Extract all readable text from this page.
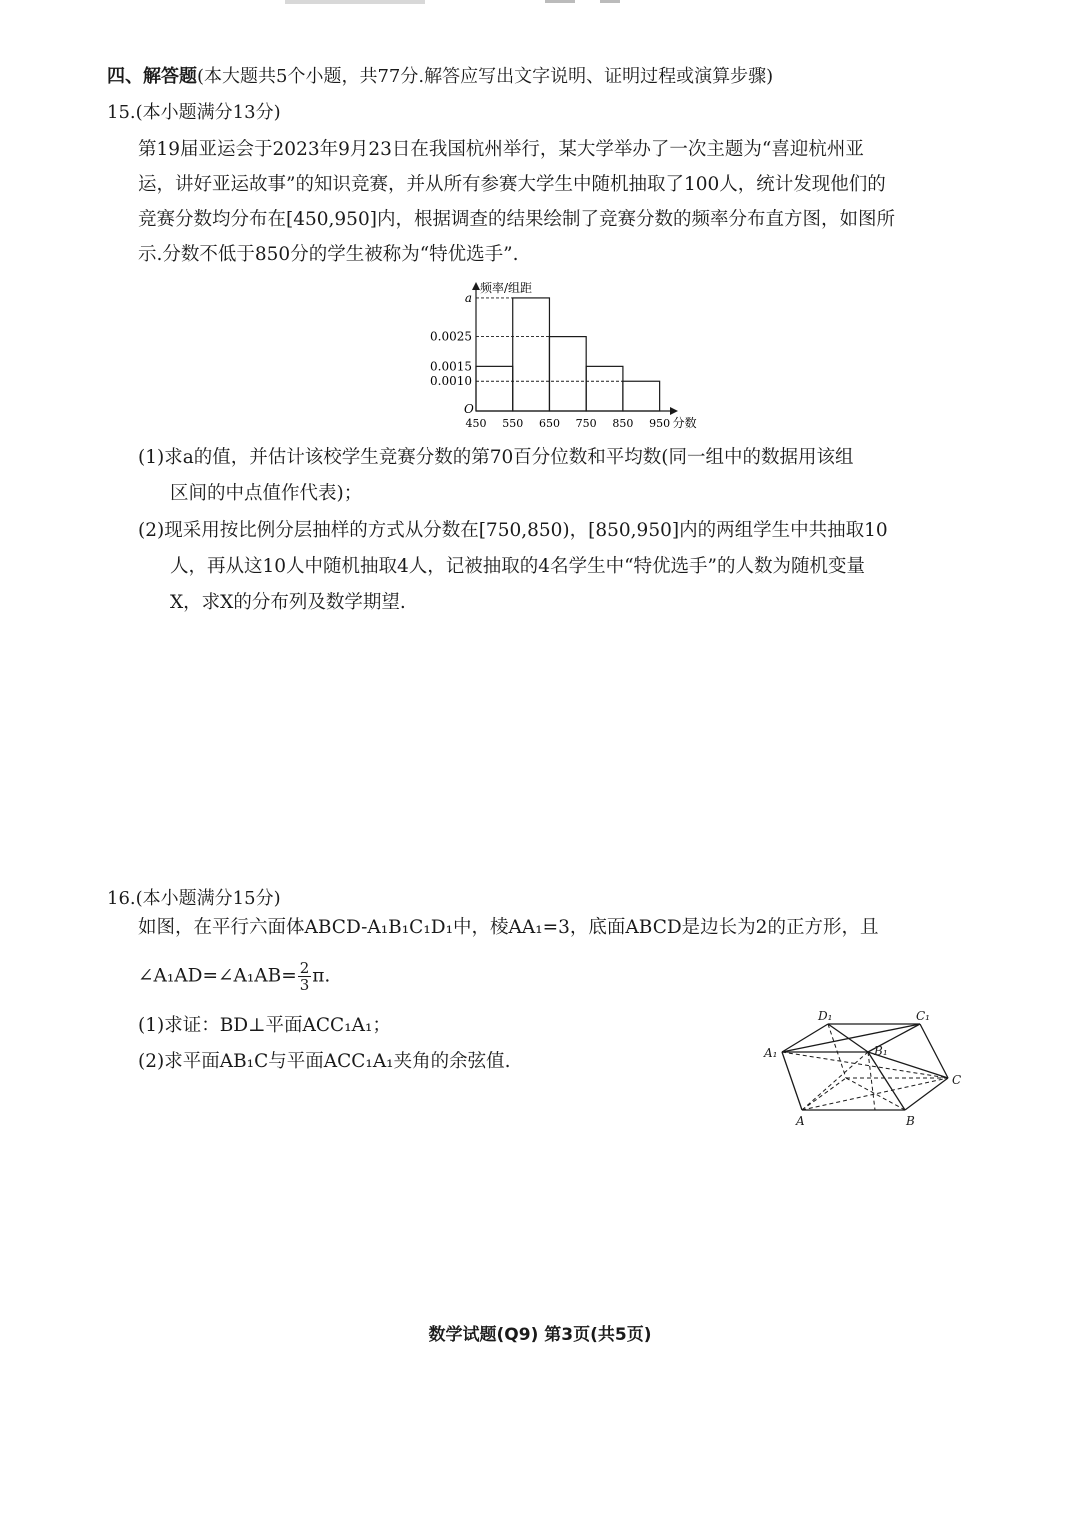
四、解答题(本大题共5个小题，共77分.解答应写出文字说明、证明过程或演算步骤)
15.(本小题满分13分)
第19届亚运会于2023年9月23日在我国杭州举行，某大学举办了一次主题为“喜迎杭州亚
运，讲好亚运故事”的知识竞赛，并从所有参赛大学生中随机抽取了100人，统计发现他们的
竞赛分数均分布在[450,950]内，根据调查的结果绘制了竞赛分数的频率分布直方图，如图所
示.分数不低于850分的学生被称为“特优选手”.
0.0010
0.0015
0.0025
a
450 550 650 750 850 950 分数
频率/组距
O
(1)求a的值，并估计该校学生竞赛分数的第70百分位数和平均数(同一组中的数据用该组
区间的中点值作代表)；
(2)现采用按比例分层抽样的方式从分数在[750,850)，[850,950]内的两组学生中共抽取10
人，再从这10人中随机抽取4人，记被抽取的4名学生中“特优选手”的人数为随机变量
X，求X的分布列及数学期望.
16.(本小题满分15分)
如图，在平行六面体ABCD-A₁B₁C₁D₁中，棱AA₁=3，底面ABCD是边长为2的正方形，且
∠A₁AD=∠A₁AB= $\frac{2}{3} \pi$.
(1)求证：BD⊥平面ACC₁A₁；
(2)求平面AB₁C与平面ACC₁A₁夹角的余弦值.
D₁	C₁
A₁	B₁
C
A	B
数学试题(Q9) 第3页(共5页)
